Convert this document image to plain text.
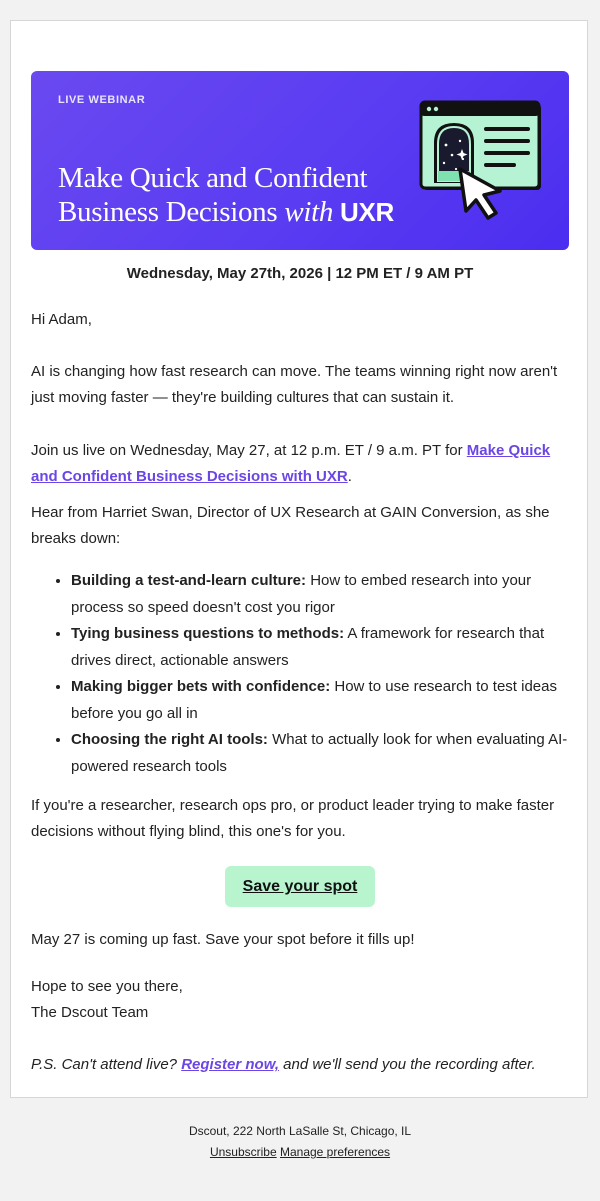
LIVE WEBINAR
Make Quick and Confident Business Decisions with UXR
Wednesday, May 27th, 2026 | 12 PM ET / 9 AM PT
Hi Adam,
AI is changing how fast research can move. The teams winning right now aren't just moving faster — they're building cultures that can sustain it.
Join us live on Wednesday, May 27, at 12 p.m. ET / 9 a.m. PT for Make Quick and Confident Business Decisions with UXR.
Hear from Harriet Swan, Director of UX Research at GAIN Conversion, as she breaks down:
• Building a test-and-learn culture: How to embed research into your process so speed doesn't cost you rigor
• Tying business questions to methods: A framework for research that drives direct, actionable answers
• Making bigger bets with confidence: How to use research to test ideas before you go all in
• Choosing the right AI tools: What to actually look for when evaluating AI-powered research tools
If you're a researcher, research ops pro, or product leader trying to make faster decisions without flying blind, this one's for you.
Save your spot
May 27 is coming up fast. Save your spot before it fills up!
Hope to see you there,
The Dscout Team
P.S. Can't attend live? Register now, and we'll send you the recording after.
Dscout, 222 North LaSalle St, Chicago, IL
Unsubscribe Manage preferences
